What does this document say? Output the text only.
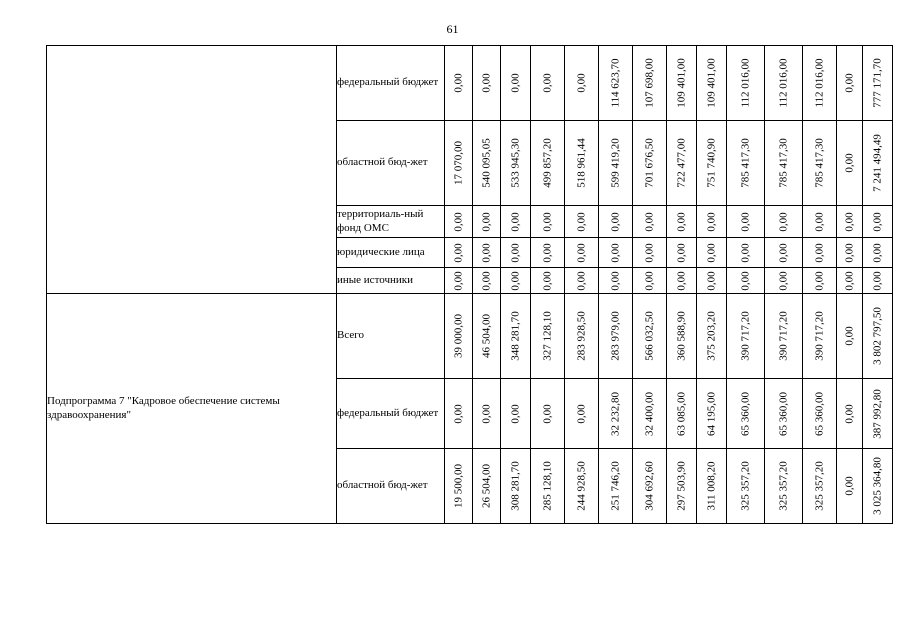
61
	федеральный бюджет	0,00	0,00	0,00	0,00	0,00	114 623,70	107 698,00	109 401,00	109 401,00	112 016,00	112 016,00	112 016,00	0,00	777 171,70

	областной бюд-жет	17 070,00	540 095,05	533 945,30	499 857,20	518 961,44	599 419,20	701 676,50	722 477,00	751 740,90	785 417,30	785 417,30	785 417,30	0,00	7 241 494,49

	территориаль-ный фонд ОМС	0,00	0,00	0,00	0,00	0,00	0,00	0,00	0,00	0,00	0,00	0,00	0,00	0,00	0,00

	юридические лица	0,00	0,00	0,00	0,00	0,00	0,00	0,00	0,00	0,00	0,00	0,00	0,00	0,00	0,00

	иные источники	0,00	0,00	0,00	0,00	0,00	0,00	0,00	0,00	0,00	0,00	0,00	0,00	0,00	0,00

Подпрограмма 7 "Кадровое обеспечение системы здравоохранения"	Всего	39 000,00	46 504,00	348 281,70	327 128,10	283 928,50	283 979,00	566 032,50	360 588,90	375 203,20	390 717,20	390 717,20	390 717,20	0,00	3 802 797,50

	федеральный бюджет	0,00	0,00	0,00	0,00	0,00	32 232,80	32 400,00	63 085,00	64 195,00	65 360,00	65 360,00	65 360,00	0,00	387 992,80

	областной бюд-жет	19 500,00	26 504,00	308 281,70	285 128,10	244 928,50	251 746,20	304 692,60	297 503,90	311 008,20	325 357,20	325 357,20	325 357,20	0,00	3 025 364,80
